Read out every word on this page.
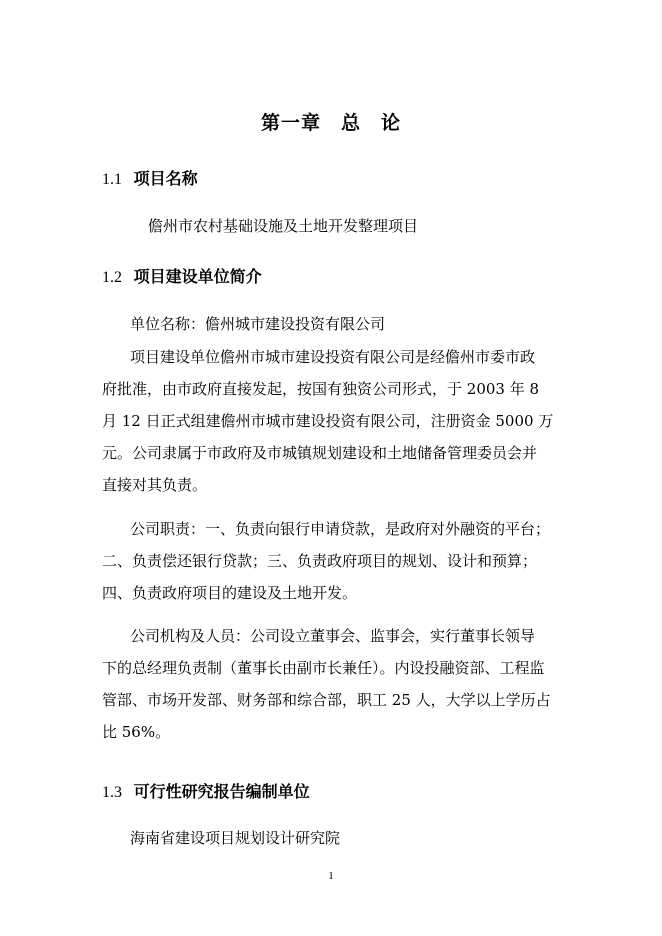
第一章　总　论
1.1 项目名称
儋州市农村基础设施及土地开发整理项目
1.2 项目建设单位简介
单位名称：儋州城市建设投资有限公司
项目建设单位儋州市城市建设投资有限公司是经儋州市委市政
府批准，由市政府直接发起，按国有独资公司形式，于 2003 年 8
月 12 日正式组建儋州市城市建设投资有限公司，注册资金 5000 万
元。公司隶属于市政府及市城镇规划建设和土地储备管理委员会并
直接对其负责。
公司职责：一、负责向银行申请贷款，是政府对外融资的平台；
二、负责偿还银行贷款；三、负责政府项目的规划、设计和预算；
四、负责政府项目的建设及土地开发。
公司机构及人员：公司设立董事会、监事会，实行董事长领导
下的总经理负责制（董事长由副市长兼任）。内设投融资部、工程监
管部、市场开发部、财务部和综合部，职工 25 人，大学以上学历占
比 56%。
1.3 可行性研究报告编制单位
海南省建设项目规划设计研究院
1
